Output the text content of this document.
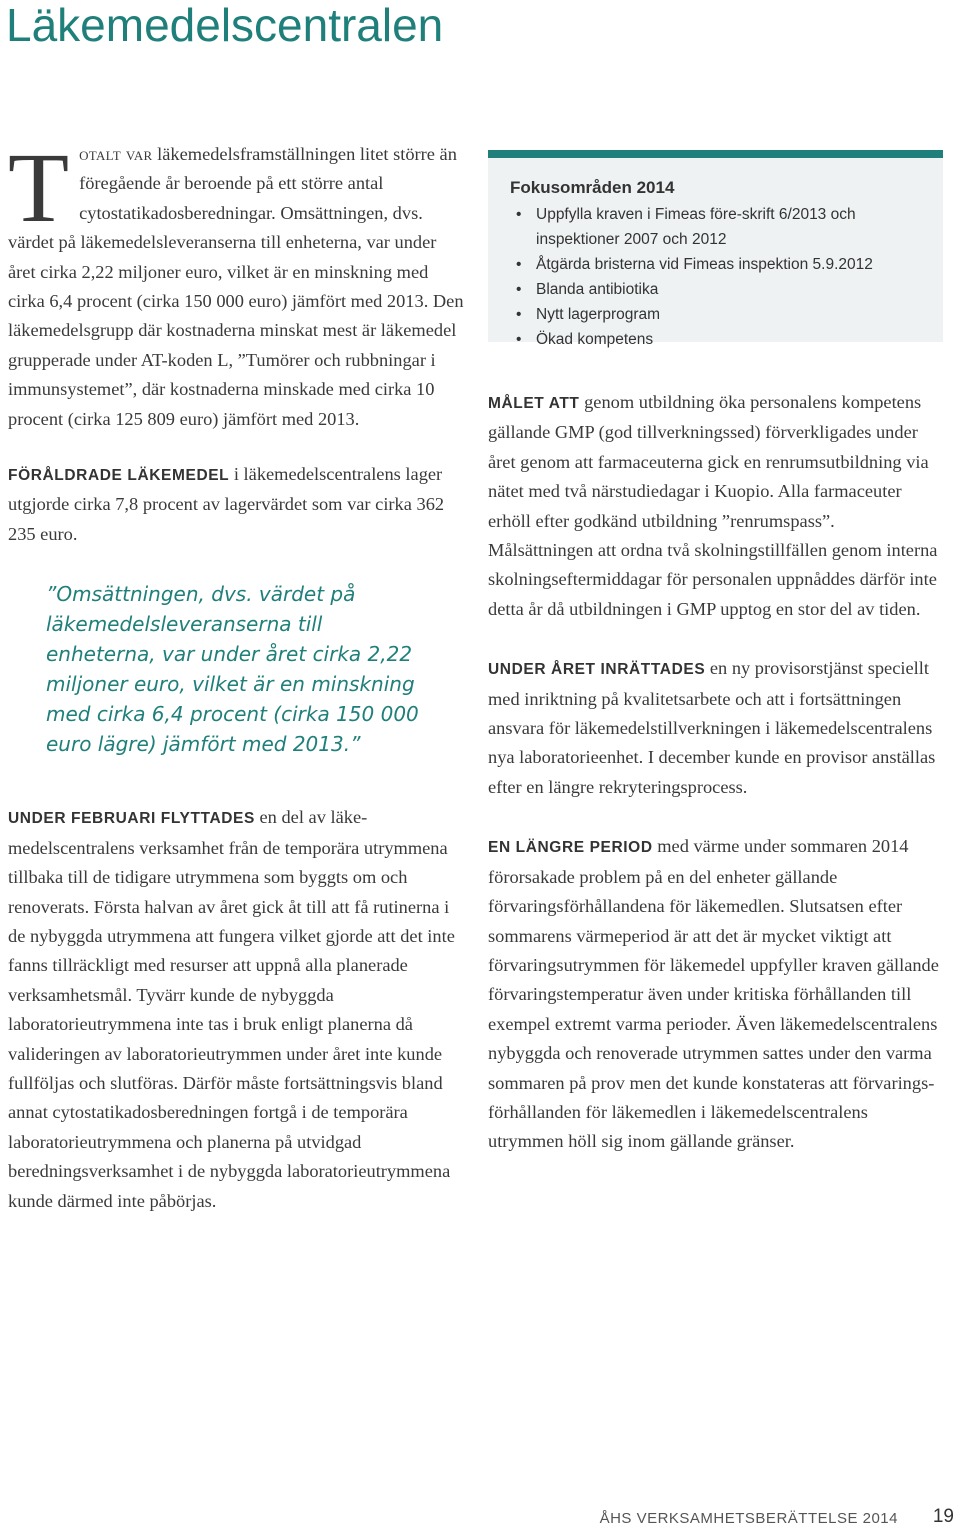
Läkemedelscentralen

Totalt var läkemedelsframställningen litet större än föregående år beroende på ett större antal cytostatikadosberedningar. Omsättningen, dvs. värdet på läkemedelsleveranserna till enheterna, var under året cirka 2,22 miljoner euro, vilket är en minskning med cirka 6,4 procent (cirka 150 000 euro) jämfört med 2013. Den läkemedelsgrupp där kostnaderna minskat mest är läkemedel grupperade under AT-koden L, ”Tumörer och rubbningar i immunsystemet”, där kostnaderna minskade med cirka 10 procent (cirka 125 809 euro) jämfört med 2013.

FÖRÅLDRADE LÄKEMEDEL i läkemedelscentralens lager utgjorde cirka 7,8 procent av lagervärdet som var cirka 362 235 euro.

”Omsättningen, dvs. värdet på läkemedelsleveranserna till enheterna, var under året cirka 2,22 miljoner euro, vilket är en minskning med cirka 6,4 procent (cirka 150 000 euro lägre) jämfört med 2013.”

UNDER FEBRUARI FLYTTADES en del av läkemedelscentralens verksamhet från de temporära utrymmena tillbaka till de tidigare utrymmena som byggts om och renoverats. Första halvan av året gick åt till att få rutinerna i de nybyggda utrymmena att fungera vilket gjorde att det inte fanns tillräckligt med resurser att uppnå alla planerade verksamhetsmål. Tyvärr kunde de nybyggda laboratorieutrymmena inte tas i bruk enligt planerna då valideringen av laboratorieutrymmen under året inte kunde fullföljas och slutföras. Därför måste fortsättningsvis bland annat cytostatikadosberedningen fortgå i de temporära laboratorieutrymmena och planerna på utvidgad beredningsverksamhet i de nybyggda laboratorieutrymmena kunde därmed inte påbörjas.

Fokusområden 2014
• Uppfylla kraven i Fimeas före-skrift 6/2013 och inspektioner 2007 och 2012
• Åtgärda bristerna vid Fimeas inspektion 5.9.2012
• Blanda antibiotika
• Nytt lagerprogram
• Ökad kompetens

MÅLET ATT genom utbildning öka personalens kompetens gällande GMP (god tillverkningssed) förverkligades under året genom att farmaceuterna gick en renrumsutbildning via nätet med två närstudiedagar i Kuopio. Alla farmaceuter erhöll efter godkänd utbildning ”renrumspass”. Målsättningen att ordna två skolningstillfällen genom interna skolningseftermiddagar för personalen uppnåddes därför inte detta år då utbildningen i GMP upptog en stor del av tiden.

UNDER ÅRET INRÄTTADES en ny provisorstjänst speciellt med inriktning på kvalitetsarbete och att i fortsättningen ansvara för läkemedelstillverkningen i läkemedelscentralens nya laboratorieenhet. I december kunde en provisor anställas efter en längre rekryteringsprocess.

EN LÄNGRE PERIOD med värme under sommaren 2014 förorsakade problem på en del enheter gällande förvaringsförhållandena för läkemedlen. Slutsatsen efter sommarens värmeperiod är att det är mycket viktigt att förvaringsutrymmen för läkemedel uppfyller kraven gällande förvaringstemperatur även under kritiska förhållanden till exempel extremt varma perioder. Även läkemedelscentralens nybyggda och renoverade utrymmen sattes under den varma sommaren på prov men det kunde konstateras att förvaringsförhållanden för läkemedlen i läkemedelscentralens utrymmen höll sig inom gällande gränser.

ÅHS VERKSAMHETSBERÄTTELSE 2014 19
